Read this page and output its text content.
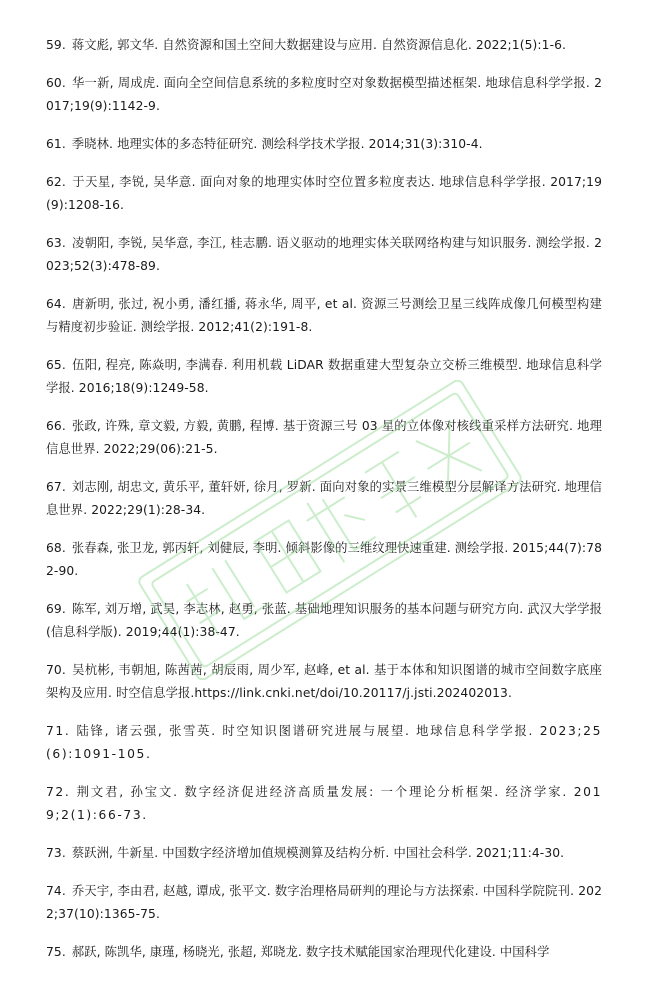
59. 蒋文彪, 郭文华. 自然资源和国土空间大数据建设与应用. 自然资源信息化. 2022;1(5):1-6.
60. 华一新, 周成虎. 面向全空间信息系统的多粒度时空对象数据模型描述框架. 地球信息科学学报. 2017;19(9):1142-9.
61. 季晓林. 地理实体的多态特征研究. 测绘科学技术学报. 2014;31(3):310-4.
62. 于天星, 李锐, 吴华意. 面向对象的地理实体时空位置多粒度表达. 地球信息科学学报. 2017;19(9):1208-16.
63. 凌朝阳, 李锐, 吴华意, 李江, 桂志鹏. 语义驱动的地理实体关联网络构建与知识服务. 测绘学报. 2023;52(3):478-89.
64. 唐新明, 张过, 祝小勇, 潘红播, 蒋永华, 周平, et al. 资源三号测绘卫星三线阵成像几何模型构建与精度初步验证. 测绘学报. 2012;41(2):191-8.
65. 伍阳, 程亮, 陈焱明, 李满春. 利用机载 LiDAR 数据重建大型复杂立交桥三维模型. 地球信息科学学报. 2016;18(9):1249-58.
66. 张政, 许殊, 章文毅, 方毅, 黄鹏, 程博. 基于资源三号 03 星的立体像对核线重采样方法研究. 地理信息世界. 2022;29(06):21-5.
67. 刘志刚, 胡忠文, 黄乐平, 董轩妍, 徐月, 罗新. 面向对象的实景三维模型分层解译方法研究. 地理信息世界. 2022;29(1):28-34.
68. 张春森, 张卫龙, 郭丙轩, 刘健辰, 李明. 倾斜影像的三维纹理快速重建. 测绘学报. 2015;44(7):782-90.
69. 陈军, 刘万增, 武昊, 李志林, 赵勇, 张蓝. 基础地理知识服务的基本问题与研究方向. 武汉大学学报(信息科学版). 2019;44(1):38-47.
70. 吴杭彬, 韦朝旭, 陈茜茜, 胡辰雨, 周少军, 赵峰, et al. 基于本体和知识图谱的城市空间数字底座架构及应用. 时空信息学报.https://link.cnki.net/doi/10.20117/j.jsti.202402013.
71. 陆锋, 诸云强, 张雪英. 时空知识图谱研究进展与展望. 地球信息科学学报. 2023;25(6):1091-105.
72. 荆文君, 孙宝文. 数字经济促进经济高质量发展: 一个理论分析框架. 经济学家. 2019;2(1):66-73.
73. 蔡跃洲, 牛新星. 中国数字经济增加值规模测算及结构分析. 中国社会科学. 2021;11:4-30.
74. 乔天宇, 李由君, 赵越, 谭成, 张平文. 数字治理格局研判的理论与方法探索. 中国科学院院刊. 2022;37(10):1365-75.
75. 郝跃, 陈凯华, 康瑾, 杨晓光, 张超, 郑晓龙. 数字技术赋能国家治理现代化建设. 中国科学
